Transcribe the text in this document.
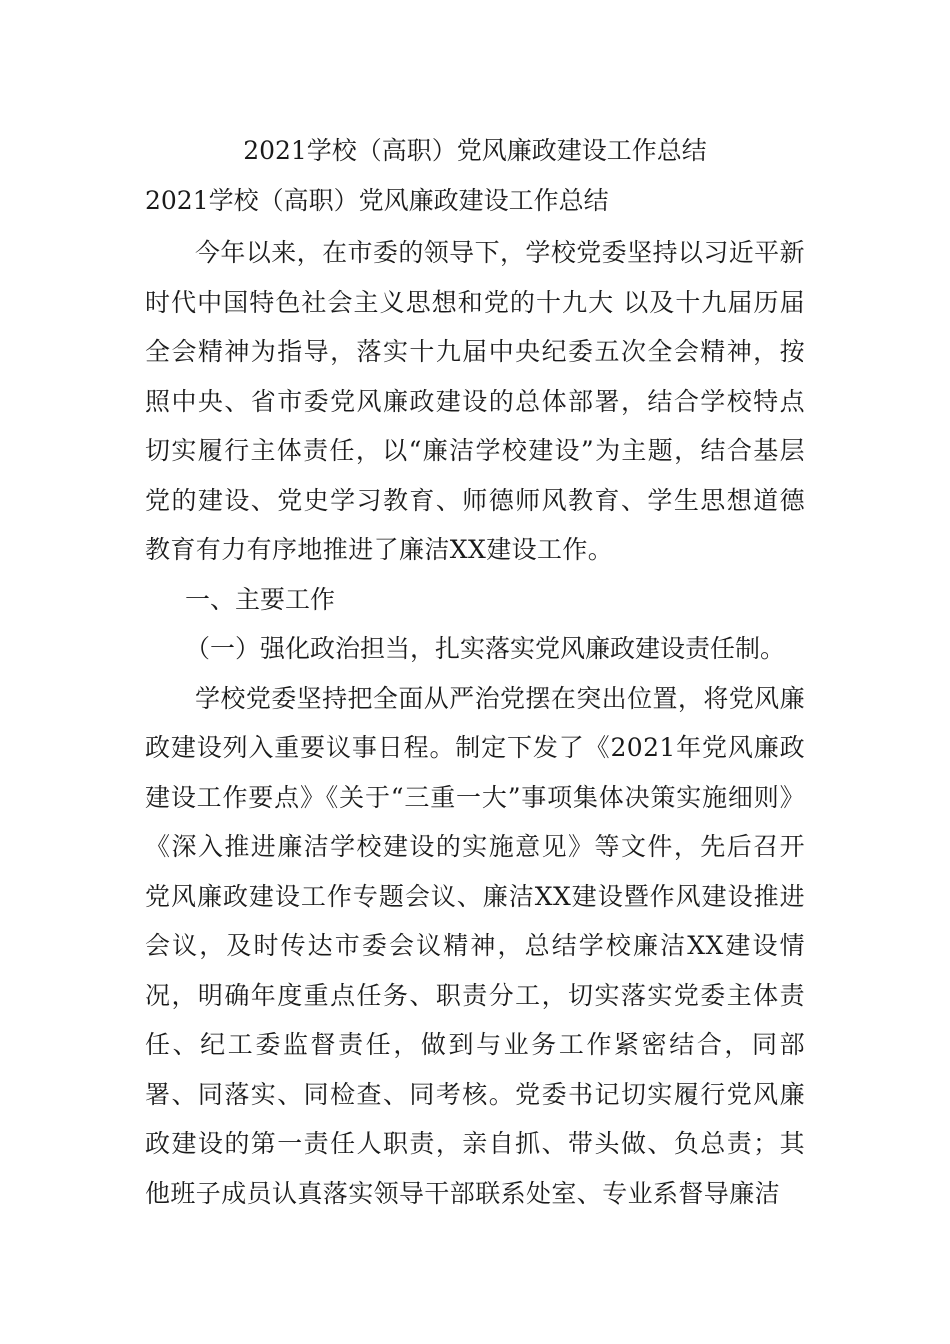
2021学校（高职）党风廉政建设工作总结

2021学校（高职）党风廉政建设工作总结

今年以来，在市委的领导下，学校党委坚持以习近平新时代中国特色社会主义思想和党的十九大 以及十九届历届全会精神为指导，落实十九届中央纪委五次全会精神，按照中央、省市委党风廉政建设的总体部署，结合学校特点切实履行主体责任，以“廉洁学校建设”为主题，结合基层党的建设、党史学习教育、师德师风教育、学生思想道德教育有力有序地推进了廉洁XX建设工作。

一、主要工作

（一）强化政治担当，扎实落实党风廉政建设责任制。

学校党委坚持把全面从严治党摆在突出位置，将党风廉政建设列入重要议事日程。制定下发了《2021年党风廉政建设工作要点》《关于“三重一大”事项集体决策实施细则》《深入推进廉洁学校建设的实施意见》等文件，先后召开党风廉政建设工作专题会议、廉洁XX建设暨作风建设推进会议，及时传达市委会议精神，总结学校廉洁XX建设情况，明确年度重点任务、职责分工，切实落实党委主体责任、纪工委监督责任，做到与业务工作紧密结合，同部署、同落实、同检查、同考核。党委书记切实履行党风廉政建设的第一责任人职责，亲自抓、带头做、负总责；其他班子成员认真落实领导干部联系处室、专业系督导廉洁
